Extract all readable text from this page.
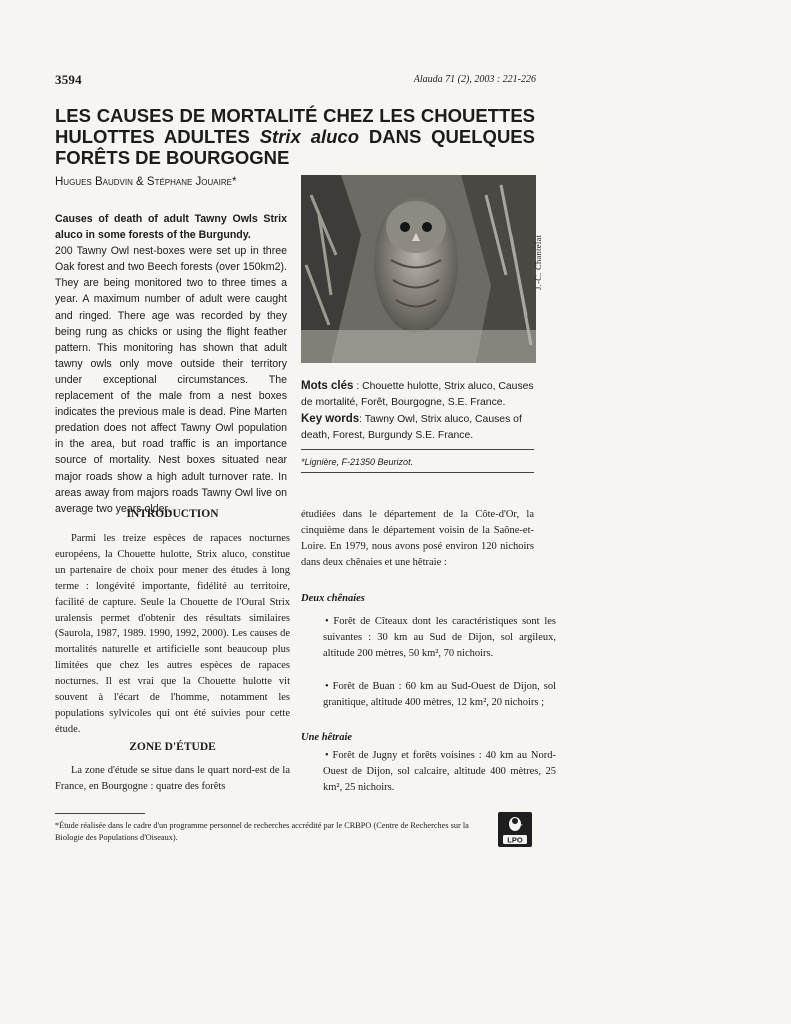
3594	Alauda 71 (2), 2003 : 221-226
LES CAUSES DE MORTALITÉ CHEZ LES CHOUETTES HULOTTES ADULTES Strix aluco DANS QUELQUES FORÊTS DE BOURGOGNE
Hugues Baudvin & Stéphane Jouaire*
Causes of death of adult Tawny Owls Strix aluco in some forests of the Burgundy.
200 Tawny Owl nest-boxes were set up in three Oak forest and two Beech forests (over 150km2). They are being monitored two to three times a year. A maximum number of adult were caught and ringed. There age was recorded by they being rung as chicks or using the flight feather pattern. This monitoring has shown that adult tawny owls only move outside their territory under exceptional circumstances. The replacement of the male from a nest boxes indicates the previous male is dead. Pine Marten predation does not affect Tawny Owl population in the area, but road traffic is an importance source of mortality. Nest boxes situated near major roads show a high adult turnover rate. In areas away from majors roads Tawny Owl live on average two years older.
J.-C. Chantelat
Mots clés : Chouette hulotte, Strix aluco, Causes de mortalité, Forêt, Bourgogne, S.E. France.
Key words: Tawny Owl, Strix aluco, Causes of death, Forest, Burgundy S.E. France.
*Lignière, F-21350 Beurizot.
INTRODUCTION
Parmi les treize espèces de rapaces nocturnes européens, la Chouette hulotte, Strix aluco, constitue un partenaire de choix pour mener des études à long terme : longévité importante, fidélité au territoire, facilité de capture. Seule la Chouette de l'Oural Strix uralensis permet d'obtenir des résultats similaires (Saurola, 1987, 1989. 1990, 1992, 2000). Les causes de mortalités naturelle et artificielle sont beaucoup plus limitées que chez les autres espèces de rapaces nocturnes. Il est vrai que la Chouette hulotte vit souvent à l'écart de l'homme, notamment les populations sylvicoles qui ont été suivies pour cette étude.
ZONE D'ÉTUDE
La zone d'étude se situe dans le quart nord-est de la France, en Bourgogne : quatre des forêts
étudiées dans le département de la Côte-d'Or, la cinquième dans le département voisin de la Saône-et-Loire. En 1979, nous avons posé environ 120 nichoirs dans deux chênaies et une hêtraie :
Deux chênaies
• Forêt de Cîteaux dont les caractéristiques sont les suivantes : 30 km au Sud de Dijon, sol argileux, altitude 200 mètres, 50 km², 70 nichoirs.
• Forêt de Buan : 60 km au Sud-Ouest de Dijon, sol granitique, altitude 400 mètres, 12 km², 20 nichoirs ;
Une hêtraie
• Forêt de Jugny et forêts voisines : 40 km au Nord-Ouest de Dijon, sol calcaire, altitude 400 mètres, 25 km², 25 nichoirs.
*Étude réalisée dans le cadre d'un programme personnel de recherches accrédité par le CRBPO (Centre de Recherches sur la Biologie des Populations d'Oiseaux).	LPO
